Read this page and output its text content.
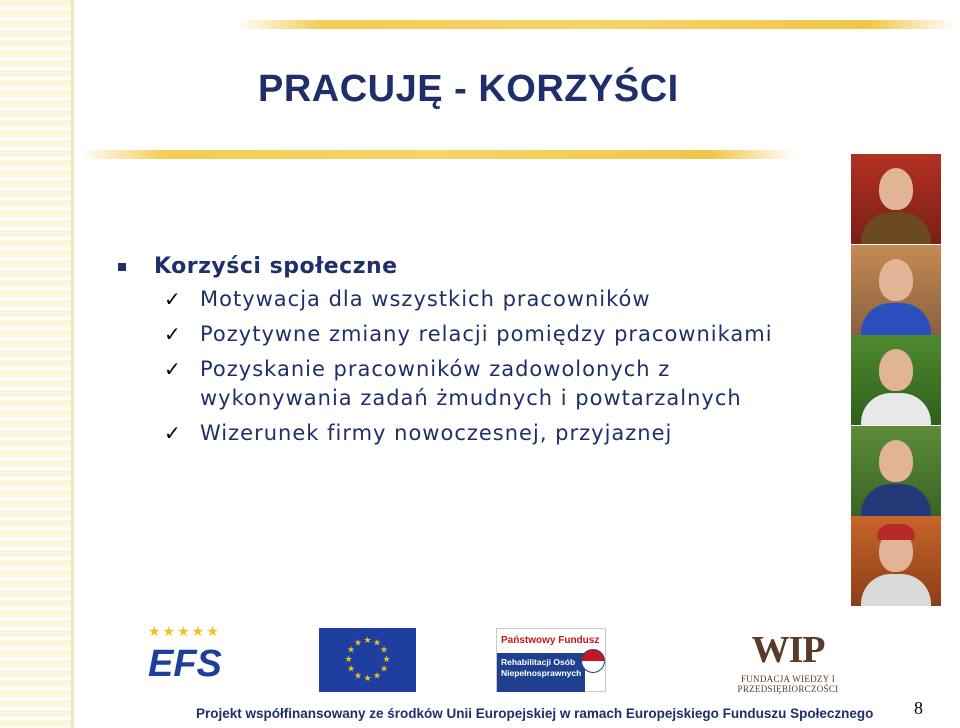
PRACUJĘ - KORZYŚCI
Korzyści społeczne
✓ Motywacja dla wszystkich pracowników
✓ Pozytywne zmiany relacji pomiędzy pracownikami
✓ Pozyskanie pracowników zadowolonych z
wykonywania zadań żmudnych i powtarzalnych
✓ Wizerunek firmy nowoczesnej, przyjaznej
★★★★★
EFS
★ ★
★
★
★
★
★
★
★
★
★
★	Państwowy Fundusz
Rehabilitacji Osób
Niepełnosprawnych
WIP
FUNDACJA WIEDZY I PRZEDSIĘBIORCZOŚCI

Projekt współfinansowany ze środków Unii Europejskiej w ramach Europejskiego Funduszu Społecznego 8
